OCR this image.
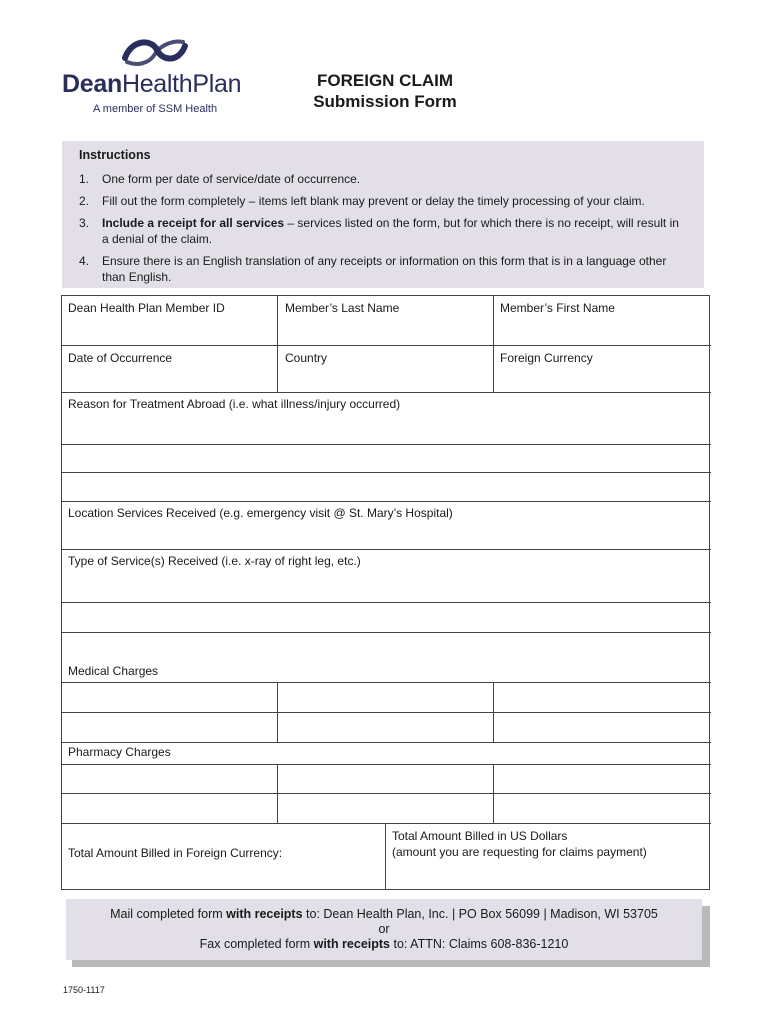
DeanHealthPlan
A member of SSM Health
FOREIGN CLAIM
Submission Form
Instructions
1. One form per date of service/date of occurrence.
2. Fill out the form completely – items left blank may prevent or delay the timely processing of your claim.
3. Include a receipt for all services – services listed on the form, but for which there is no receipt, will result in a denial of the claim.
4. Ensure there is an English translation of any receipts or information on this form that is in a language other than English.
Dean Health Plan Member ID	Member’s Last Name	Member’s First Name
Date of Occurrence	Country	Foreign Currency
Reason for Treatment Abroad (i.e. what illness/injury occurred)
Location Services Received (e.g. emergency visit @ St. Mary’s Hospital)
Type of Service(s) Received (i.e. x-ray of right leg, etc.)
Medical Charges
Pharmacy Charges
Total Amount Billed in Foreign Currency:
Total Amount Billed in US Dollars
(amount you are requesting for claims payment)
Mail completed form with receipts to: Dean Health Plan, Inc. | PO Box 56099 | Madison, WI 53705
or
Fax completed form with receipts to: ATTN: Claims 608-836-1210
1750-1117
